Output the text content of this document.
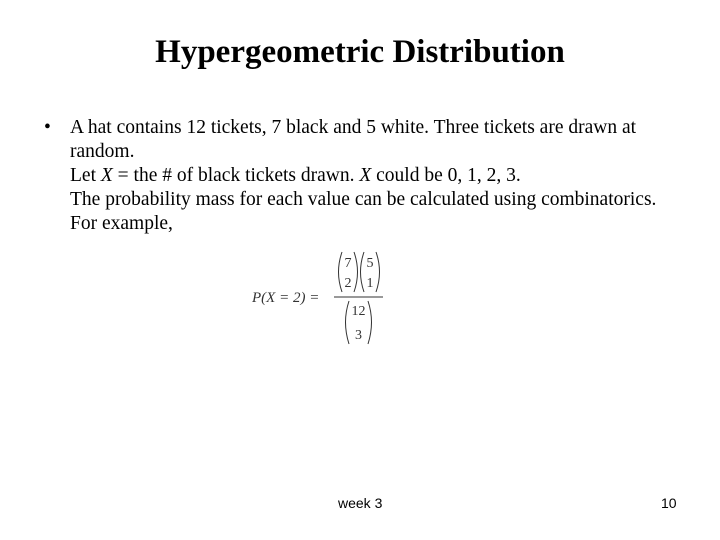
Hypergeometric Distribution
• A hat contains 12 tickets, 7 black and 5 white. Three tickets are drawn at
random.
Let X = the # of black tickets drawn. X could be 0, 1, 2, 3.
The probability mass for each value can be calculated using combinatorics.
For example,
P(X = 2) =
7
2
5
1
12
3
week 3	10
